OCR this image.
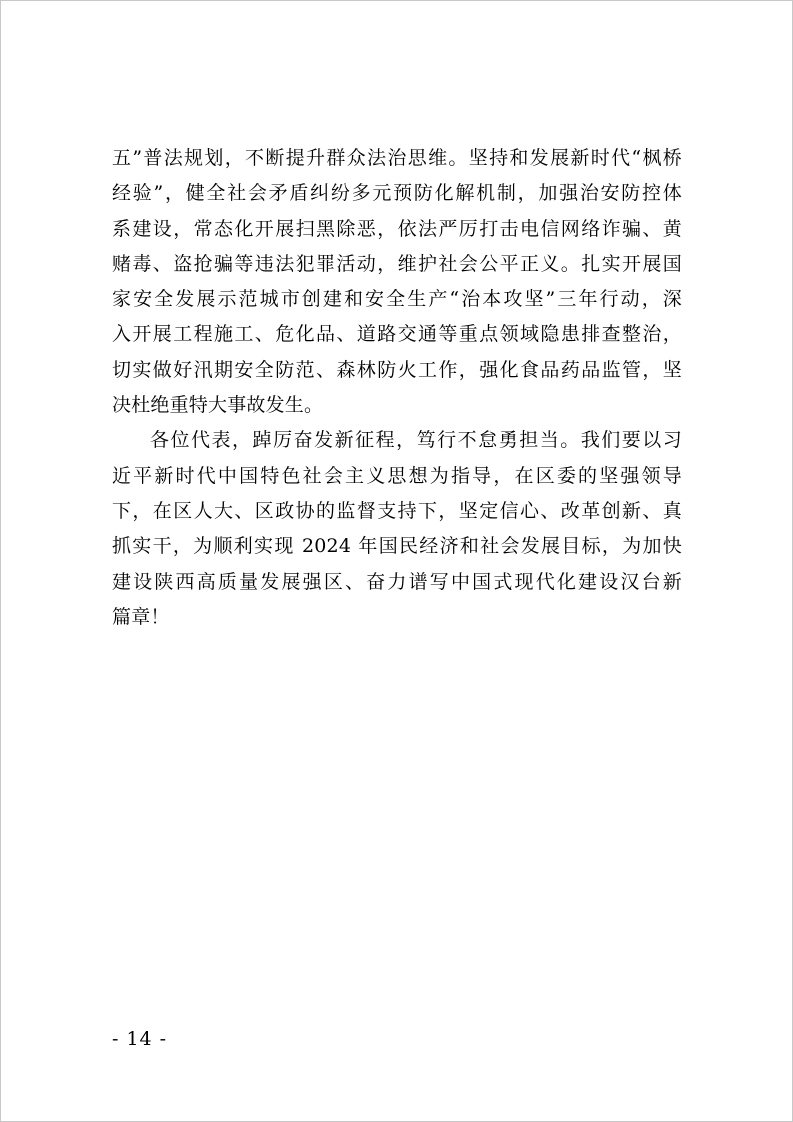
五”普法规划，不断提升群众法治思维。坚持和发展新时代“枫桥
经验”，健全社会矛盾纠纷多元预防化解机制，加强治安防控体
系建设，常态化开展扫黑除恶，依法严厉打击电信网络诈骗、黄
赌毒、盗抢骗等违法犯罪活动，维护社会公平正义。扎实开展国
家安全发展示范城市创建和安全生产“治本攻坚”三年行动，深
入开展工程施工、危化品、道路交通等重点领域隐患排查整治，
切实做好汛期安全防范、森林防火工作，强化食品药品监管，坚
决杜绝重特大事故发生。

各位代表，踔厉奋发新征程，笃行不怠勇担当。我们要以习
近平新时代中国特色社会主义思想为指导，在区委的坚强领导
下，在区人大、区政协的监督支持下，坚定信心、改革创新、真
抓实干，为顺利实现 2024 年国民经济和社会发展目标，为加快
建设陕西高质量发展强区、奋力谱写中国式现代化建设汉台新
篇章！

- 14 -
